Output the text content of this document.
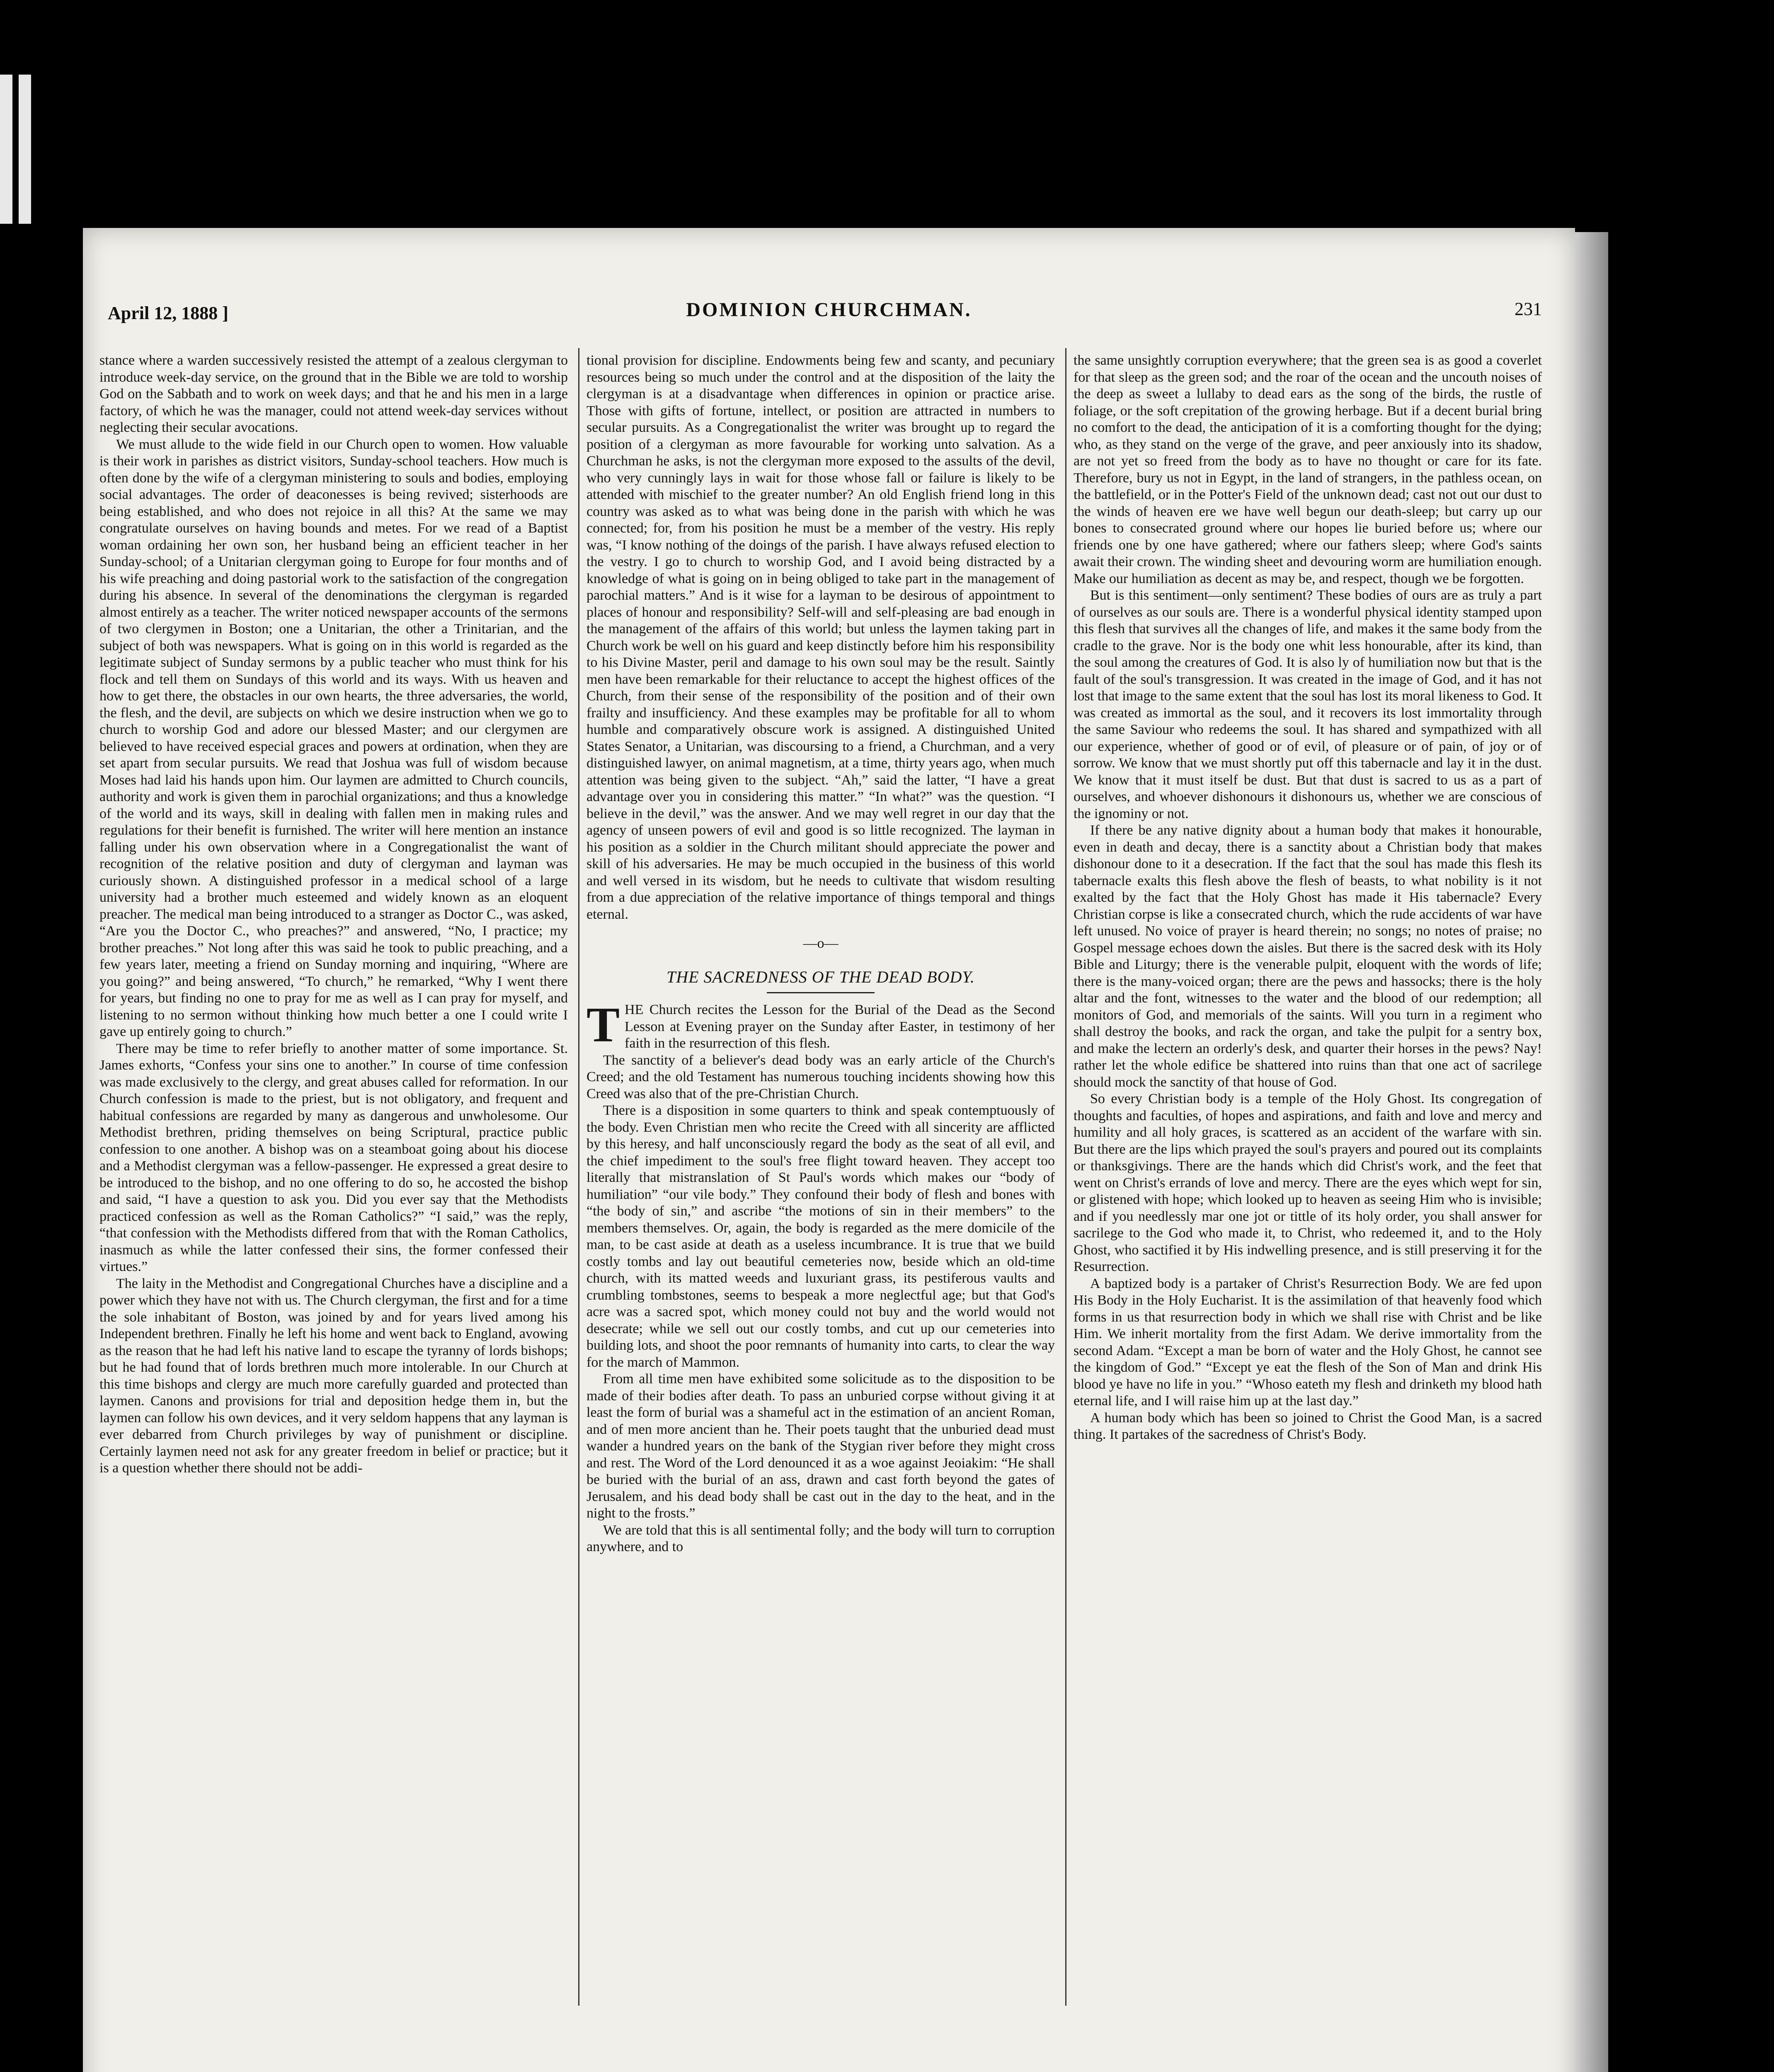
April 12, 1888 ]	DOMINION CHURCHMAN.	231

stance where a warden successively resisted the attempt of a zealous clergyman to introduce week-day service, on the ground that in the Bible we are told to worship God on the Sabbath and to work on week days; and that he and his men in a large factory, of which he was the manager, could not attend week-day services without neglecting their secular avocations.

We must allude to the wide field in our Church open to women. How valuable is their work in parishes as district visitors, Sunday-school teachers. How much is often done by the wife of a clergyman ministering to souls and bodies, employing social advantages. The order of deaconesses is being revived; sisterhoods are being established, and who does not rejoice in all this? At the same we may congratulate ourselves on having bounds and metes. For we read of a Baptist woman ordaining her own son, her husband being an efficient teacher in her Sunday-school; of a Unitarian clergyman going to Europe for four months and of his wife preaching and doing pastorial work to the satisfaction of the congregation during his absence. In several of the denominations the clergyman is regarded almost entirely as a teacher. The writer noticed newspaper accounts of the sermons of two clergymen in Boston; one a Unitarian, the other a Trinitarian, and the subject of both was newspapers. What is going on in this world is regarded as the legitimate subject of Sunday sermons by a public teacher who must think for his flock and tell them on Sundays of this world and its ways. With us heaven and how to get there, the obstacles in our own hearts, the three adversaries, the world, the flesh, and the devil, are subjects on which we desire instruction when we go to church to worship God and adore our blessed Master; and our clergymen are believed to have received especial graces and powers at ordination, when they are set apart from secular pursuits. We read that Joshua was full of wisdom because Moses had laid his hands upon him. Our laymen are admitted to Church councils, authority and work is given them in parochial organizations; and thus a knowledge of the world and its ways, skill in dealing with fallen men in making rules and regulations for their benefit is furnished. The writer will here mention an instance falling under his own observation where in a Congregationalist the want of recognition of the relative position and duty of clergyman and layman was curiously shown. A distinguished professor in a medical school of a large university had a brother much esteemed and widely known as an eloquent preacher. The medical man being introduced to a stranger as Doctor C., was asked, “Are you the Doctor C., who preaches?” and answered, “No, I practice; my brother preaches.” Not long after this was said he took to public preaching, and a few years later, meeting a friend on Sunday morning and inquiring, “Where are you going?” and being answered, “To church,” he remarked, “Why I went there for years, but finding no one to pray for me as well as I can pray for myself, and listening to no sermon without thinking how much better a one I could write I gave up entirely going to church.”

There may be time to refer briefly to another matter of some importance. St. James exhorts, “Confess your sins one to another.” In course of time confession was made exclusively to the clergy, and great abuses called for reformation. In our Church confession is made to the priest, but is not obligatory, and frequent and habitual confessions are regarded by many as dangerous and unwholesome. Our Methodist brethren, priding themselves on being Scriptural, practice public confession to one another. A bishop was on a steamboat going about his diocese and a Methodist clergyman was a fellow-passenger. He expressed a great desire to be introduced to the bishop, and no one offering to do so, he accosted the bishop and said, “I have a question to ask you. Did you ever say that the Methodists practiced confession as well as the Roman Catholics?” “I said,” was the reply, “that confession with the Methodists differed from that with the Roman Catholics, inasmuch as while the latter confessed their sins, the former confessed their virtues.”

The laity in the Methodist and Congregational Churches have a discipline and a power which they have not with us. The Church clergyman, the first and for a time the sole inhabitant of Boston, was joined by and for years lived among his Independent brethren. Finally he left his home and went back to England, avowing as the reason that he had left his native land to escape the tyranny of lords bishops; but he had found that of lords brethren much more intolerable. In our Church at this time bishops and clergy are much more carefully guarded and protected than laymen. Canons and provisions for trial and deposition hedge them in, but the laymen can follow his own devices, and it very seldom happens that any layman is ever debarred from Church privileges by way of punishment or discipline. Certainly laymen need not ask for any greater freedom in belief or practice; but it is a question whether there should not be addi-

tional provision for discipline. Endowments being few and scanty, and pecuniary resources being so much under the control and at the disposition of the laity the clergyman is at a disadvantage when differences in opinion or practice arise. Those with gifts of fortune, intellect, or position are attracted in numbers to secular pursuits. As a Congregationalist the writer was brought up to regard the position of a clergyman as more favourable for working unto salvation. As a Churchman he asks, is not the clergyman more exposed to the assults of the devil, who very cunningly lays in wait for those whose fall or failure is likely to be attended with mischief to the greater number? An old English friend long in this country was asked as to what was being done in the parish with which he was connected; for, from his position he must be a member of the vestry. His reply was, “I know nothing of the doings of the parish. I have always refused election to the vestry. I go to church to worship God, and I avoid being distracted by a knowledge of what is going on in being obliged to take part in the management of parochial matters.” And is it wise for a layman to be desirous of appointment to places of honour and responsibility? Self-will and self-pleasing are bad enough in the management of the affairs of this world; but unless the laymen taking part in Church work be well on his guard and keep distinctly before him his responsibility to his Divine Master, peril and damage to his own soul may be the result. Saintly men have been remarkable for their reluctance to accept the highest offices of the Church, from their sense of the responsibility of the position and of their own frailty and insufficiency. And these examples may be profitable for all to whom humble and comparatively obscure work is assigned. A distinguished United States Senator, a Unitarian, was discoursing to a friend, a Churchman, and a very distinguished lawyer, on animal magnetism, at a time, thirty years ago, when much attention was being given to the subject. “Ah,” said the latter, “I have a great advantage over you in considering this matter.” “In what?” was the question. “I believe in the devil,” was the answer. And we may well regret in our day that the agency of unseen powers of evil and good is so little recognized. The layman in his position as a soldier in the Church militant should appreciate the power and skill of his adversaries. He may be much occupied in the business of this world and well versed in its wisdom, but he needs to cultivate that wisdom resulting from a due appreciation of the relative importance of things temporal and things eternal.

—o—
THE SACREDNESS OF THE DEAD BODY.

THE Church recites the Lesson for the Burial of the Dead as the Second Lesson at Evening prayer on the Sunday after Easter, in testimony of her faith in the resurrection of this flesh.

The sanctity of a believer's dead body was an early article of the Church's Creed; and the old Testament has numerous touching incidents showing how this Creed was also that of the pre-Christian Church.

There is a disposition in some quarters to think and speak contemptuously of the body. Even Christian men who recite the Creed with all sincerity are afflicted by this heresy, and half unconsciously regard the body as the seat of all evil, and the chief impediment to the soul's free flight toward heaven. They accept too literally that mistranslation of St Paul's words which makes our “body of humiliation” “our vile body.” They confound their body of flesh and bones with “the body of sin,” and ascribe “the motions of sin in their members” to the members themselves. Or, again, the body is regarded as the mere domicile of the man, to be cast aside at death as a useless incumbrance. It is true that we build costly tombs and lay out beautiful cemeteries now, beside which an old-time church, with its matted weeds and luxuriant grass, its pestiferous vaults and crumbling tombstones, seems to bespeak a more neglectful age; but that God's acre was a sacred spot, which money could not buy and the world would not desecrate; while we sell out our costly tombs, and cut up our cemeteries into building lots, and shoot the poor remnants of humanity into carts, to clear the way for the march of Mammon.

From all time men have exhibited some solicitude as to the disposition to be made of their bodies after death. To pass an unburied corpse without giving it at least the form of burial was a shameful act in the estimation of an ancient Roman, and of men more ancient than he. Their poets taught that the unburied dead must wander a hundred years on the bank of the Stygian river before they might cross and rest. The Word of the Lord denounced it as a woe against Jeoiakim: “He shall be buried with the burial of an ass, drawn and cast forth beyond the gates of Jerusalem, and his dead body shall be cast out in the day to the heat, and in the night to the frosts.”

We are told that this is all sentimental folly; and the body will turn to corruption anywhere, and to

the same unsightly corruption everywhere; that the green sea is as good a coverlet for that sleep as the green sod; and the roar of the ocean and the uncouth noises of the deep as sweet a lullaby to dead ears as the song of the birds, the rustle of foliage, or the soft crepitation of the growing herbage. But if a decent burial bring no comfort to the dead, the anticipation of it is a comforting thought for the dying; who, as they stand on the verge of the grave, and peer anxiously into its shadow, are not yet so freed from the body as to have no thought or care for its fate. Therefore, bury us not in Egypt, in the land of strangers, in the pathless ocean, on the battlefield, or in the Potter's Field of the unknown dead; cast not out our dust to the winds of heaven ere we have well begun our death-sleep; but carry up our bones to consecrated ground where our hopes lie buried before us; where our friends one by one have gathered; where our fathers sleep; where God's saints await their crown. The winding sheet and devouring worm are humiliation enough. Make our humiliation as decent as may be, and respect, though we be forgotten.

But is this sentiment—only sentiment? These bodies of ours are as truly a part of ourselves as our souls are. There is a wonderful physical identity stamped upon this flesh that survives all the changes of life, and makes it the same body from the cradle to the grave. Nor is the body one whit less honourable, after its kind, than the soul among the creatures of God. It is also ly of humiliation now but that is the fault of the soul's transgression. It was created in the image of God, and it has not lost that image to the same extent that the soul has lost its moral likeness to God. It was created as immortal as the soul, and it recovers its lost immortality through the same Saviour who redeems the soul. It has shared and sympathized with all our experience, whether of good or of evil, of pleasure or of pain, of joy or of sorrow. We know that we must shortly put off this tabernacle and lay it in the dust. We know that it must itself be dust. But that dust is sacred to us as a part of ourselves, and whoever dishonours it dishonours us, whether we are conscious of the ignominy or not.

If there be any native dignity about a human body that makes it honourable, even in death and decay, there is a sanctity about a Christian body that makes dishonour done to it a desecration. If the fact that the soul has made this flesh its tabernacle exalts this flesh above the flesh of beasts, to what nobility is it not exalted by the fact that the Holy Ghost has made it His tabernacle? Every Christian corpse is like a consecrated church, which the rude accidents of war have left unused. No voice of prayer is heard therein; no songs; no notes of praise; no Gospel message echoes down the aisles. But there is the sacred desk with its Holy Bible and Liturgy; there is the venerable pulpit, eloquent with the words of life; there is the many-voiced organ; there are the pews and hassocks; there is the holy altar and the font, witnesses to the water and the blood of our redemption; all monitors of God, and memorials of the saints. Will you turn in a regiment who shall destroy the books, and rack the organ, and take the pulpit for a sentry box, and make the lectern an orderly's desk, and quarter their horses in the pews? Nay! rather let the whole edifice be shattered into ruins than that one act of sacrilege should mock the sanctity of that house of God.

So every Christian body is a temple of the Holy Ghost. Its congregation of thoughts and faculties, of hopes and aspirations, and faith and love and mercy and humility and all holy graces, is scattered as an accident of the warfare with sin. But there are the lips which prayed the soul's prayers and poured out its complaints or thanksgivings. There are the hands which did Christ's work, and the feet that went on Christ's errands of love and mercy. There are the eyes which wept for sin, or glistened with hope; which looked up to heaven as seeing Him who is invisible; and if you needlessly mar one jot or tittle of its holy order, you shall answer for sacrilege to the God who made it, to Christ, who redeemed it, and to the Holy Ghost, who sactified it by His indwelling presence, and is still preserving it for the Resurrection.

A baptized body is a partaker of Christ's Resurrection Body. We are fed upon His Body in the Holy Eucharist. It is the assimilation of that heavenly food which forms in us that resurrection body in which we shall rise with Christ and be like Him. We inherit mortality from the first Adam. We derive immortality from the second Adam. “Except a man be born of water and the Holy Ghost, he cannot see the kingdom of God.” “Except ye eat the flesh of the Son of Man and drink His blood ye have no life in you.” “Whoso eateth my flesh and drinketh my blood hath eternal life, and I will raise him up at the last day.”

A human body which has been so joined to Christ the Good Man, is a sacred thing. It partakes of the sacredness of Christ's Body.
